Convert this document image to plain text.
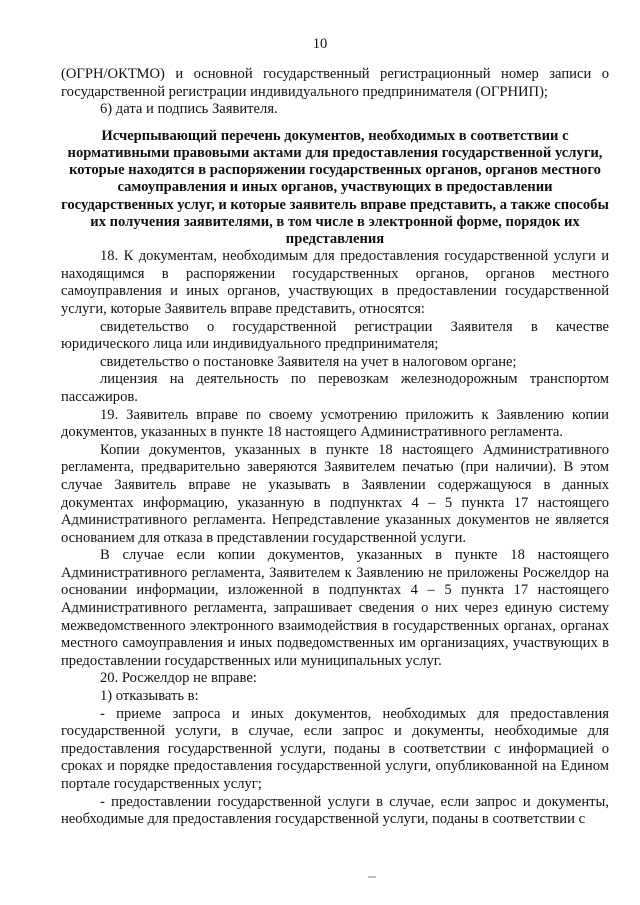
10

(ОГРН/ОКТМО) и основной государственный регистрационный номер записи о государственной регистрации индивидуального предпринимателя (ОГРНИП);

6) дата и подпись Заявителя.

Исчерпывающий перечень документов, необходимых в соответствии с нормативными правовыми актами для предоставления государственной услуги, которые находятся в распоряжении государственных органов, органов местного самоуправления и иных органов, участвующих в предоставлении государственных услуг, и которые заявитель вправе представить, а также способы их получения заявителями, в том числе в электронной форме, порядок их представления

18. К документам, необходимым для предоставления государственной услуги и находящимся в распоряжении государственных органов, органов местного самоуправления и иных органов, участвующих в предоставлении государственной услуги, которые Заявитель вправе представить, относятся:

свидетельство о государственной регистрации Заявителя в качестве юридического лица или индивидуального предпринимателя;

свидетельство о постановке Заявителя на учет в налоговом органе;

лицензия на деятельность по перевозкам железнодорожным транспортом пассажиров.

19. Заявитель вправе по своему усмотрению приложить к Заявлению копии документов, указанных в пункте 18 настоящего Административного регламента.

Копии документов, указанных в пункте 18 настоящего Административного регламента, предварительно заверяются Заявителем печатью (при наличии). В этом случае Заявитель вправе не указывать в Заявлении содержащуюся в данных документах информацию, указанную в подпунктах 4 – 5 пункта 17 настоящего Административного регламента. Непредставление указанных документов не является основанием для отказа в представлении государственной услуги.

В случае если копии документов, указанных в пункте 18 настоящего Административного регламента, Заявителем к Заявлению не приложены Росжелдор на основании информации, изложенной в подпунктах 4 – 5 пункта 17 настоящего Административного регламента, запрашивает сведения о них через единую систему межведомственного электронного взаимодействия в государственных органах, органах местного самоуправления и иных подведомственных им организациях, участвующих в предоставлении государственных или муниципальных услуг.

20. Росжелдор не вправе:

1) отказывать в:

- приеме запроса и иных документов, необходимых для предоставления государственной услуги, в случае, если запрос и документы, необходимые для предоставления государственной услуги, поданы в соответствии с информацией о сроках и порядке предоставления государственной услуги, опубликованной на Едином портале государственных услуг;

- предоставлении государственной услуги в случае, если запрос и документы, необходимые для предоставления государственной услуги, поданы в соответствии с
